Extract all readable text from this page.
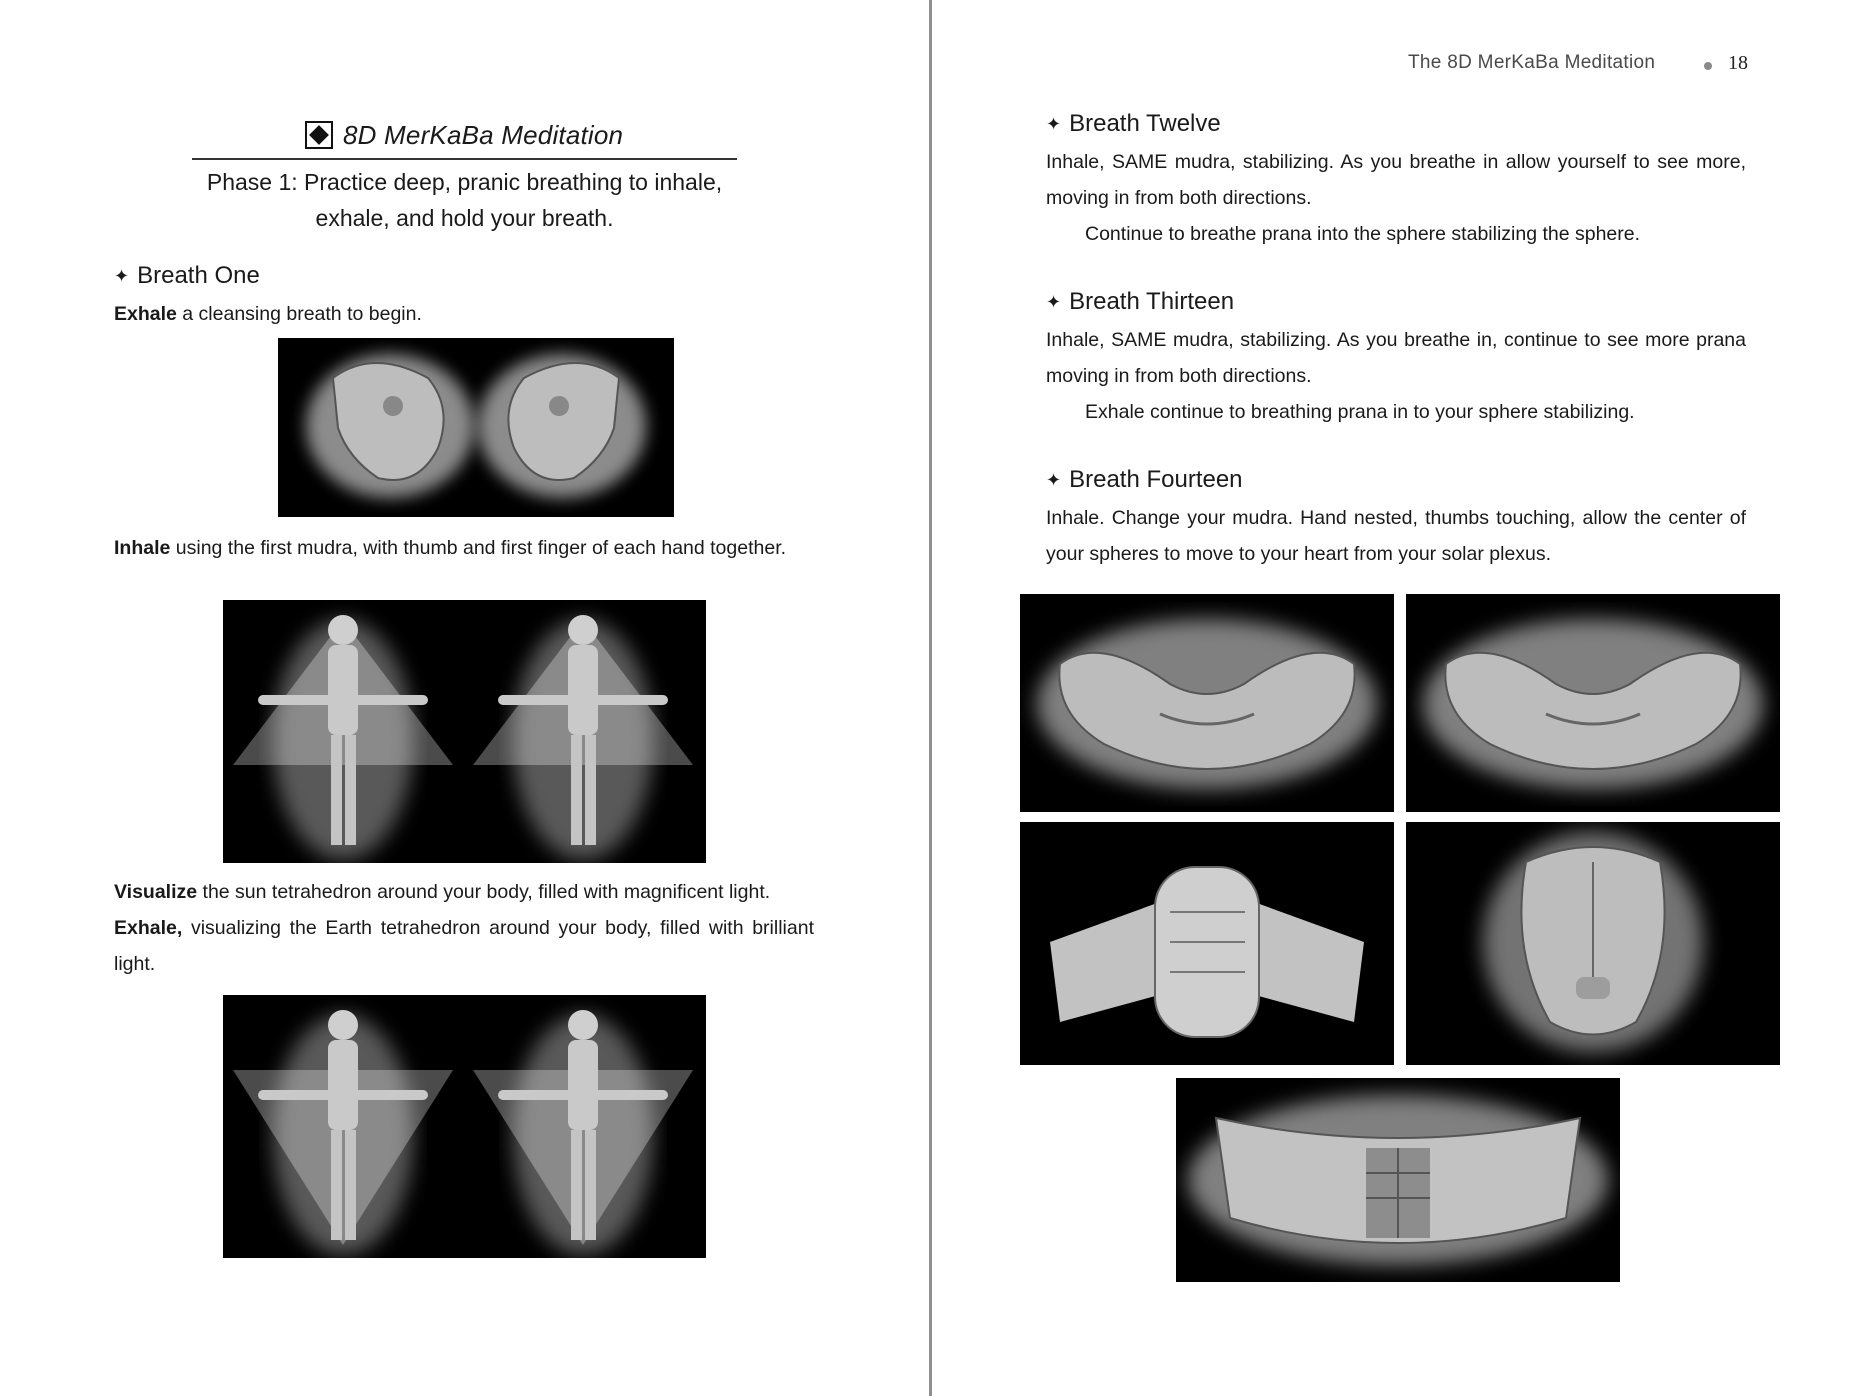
8D MerKaBa Meditation
Phase 1: Practice deep, pranic breathing to inhale, exhale, and hold your breath.
✦ Breath One
Exhale a cleansing breath to begin.
Inhale using the first mudra, with thumb and first finger of each hand together.
Visualize the sun tetrahedron around your body, filled with magnificent light.
Exhale, visualizing the Earth tetrahedron around your body, filled with brilliant light.
The 8D MerKaBa Meditation	18
✦ Breath Twelve
Inhale, SAME mudra, stabilizing. As you breathe in allow yourself to see more, moving in from both directions.
Continue to breathe prana into the sphere stabilizing the sphere.
✦ Breath Thirteen
Inhale, SAME mudra, stabilizing. As you breathe in, continue to see more prana moving in from both directions.
Exhale continue to breathing prana in to your sphere stabilizing.
✦ Breath Fourteen
Inhale. Change your mudra. Hand nested, thumbs touching, allow the center of your spheres to move to your heart from your solar plexus.
